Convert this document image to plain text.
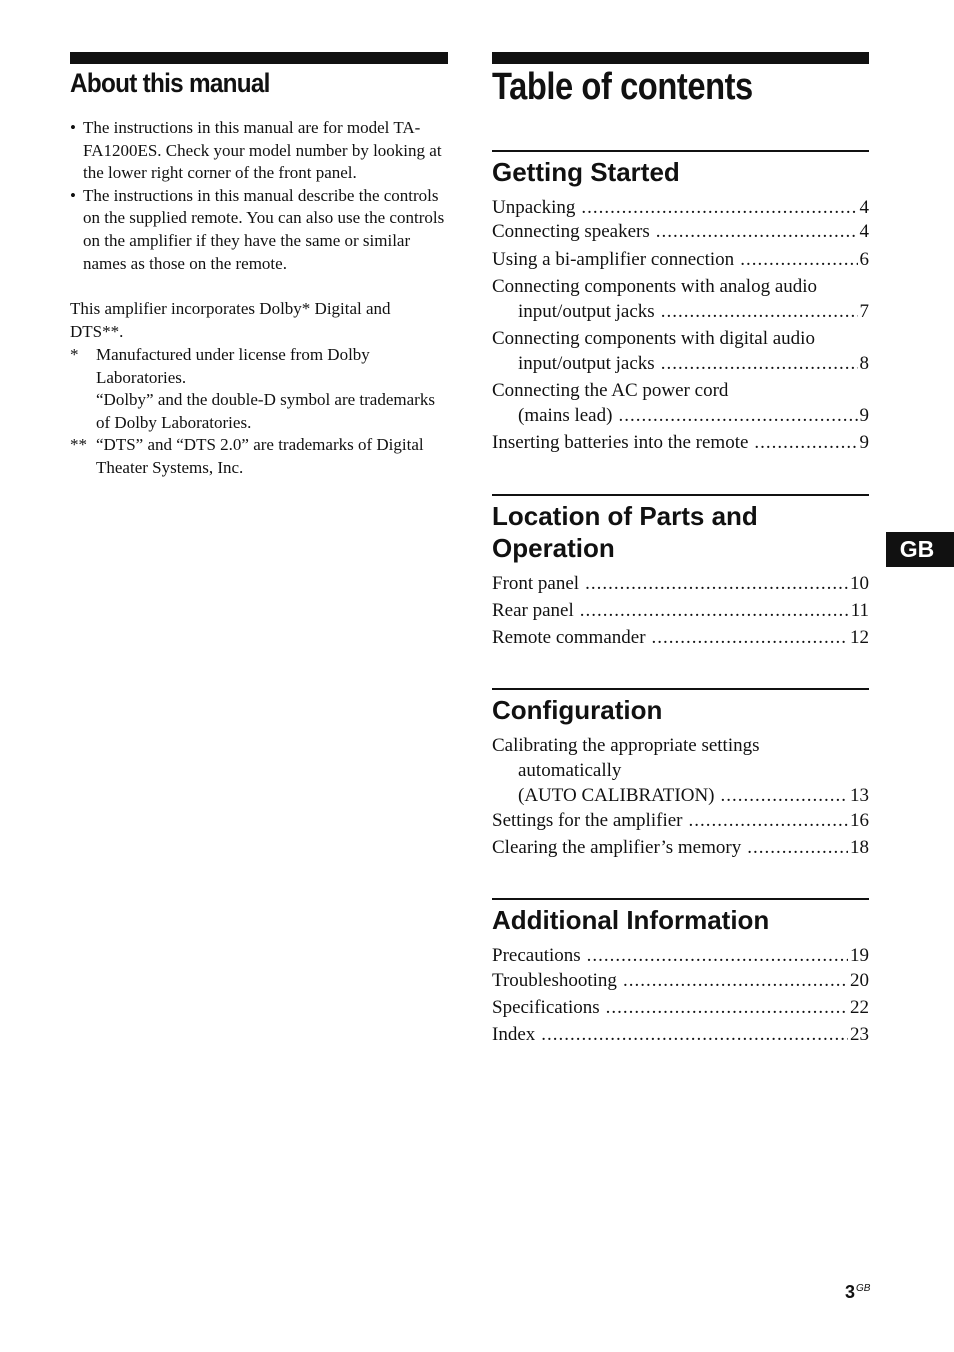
About this manual
• The instructions in this manual are for model TA-FA1200ES. Check your model number by looking at the lower right corner of the front panel.
• The instructions in this manual describe the controls on the supplied remote. You can also use the controls on the amplifier if they have the same or similar names as those on the remote.

This amplifier incorporates Dolby* Digital and DTS**.

* Manufactured under license from Dolby Laboratories.
“Dolby” and the double-D symbol are trademarks of Dolby Laboratories.
** “DTS” and “DTS 2.0” are trademarks of Digital Theater Systems, Inc.
Table of contents
Getting Started
Unpacking .....	4
Connecting speakers .....	4
Using a bi-amplifier connection .....	6
Connecting components with analog audio
input/output jacks .....	7
Connecting components with digital audio
input/output jacks .....	8
Connecting the AC power cord
(mains lead) .....	9
Inserting batteries into the remote .....	9
Location of Parts and Operation
Front panel .....	10
Rear panel .....	11
Remote commander .....	12
Configuration
Calibrating the appropriate settings
automatically
(AUTO CALIBRATION) .....	13
Settings for the amplifier .....	16
Clearing the amplifier’s memory .....	18
Additional Information
Precautions .....	19
Troubleshooting .....	20
Specifications .....	22
Index .....	23
GB
$3^{GB}$
